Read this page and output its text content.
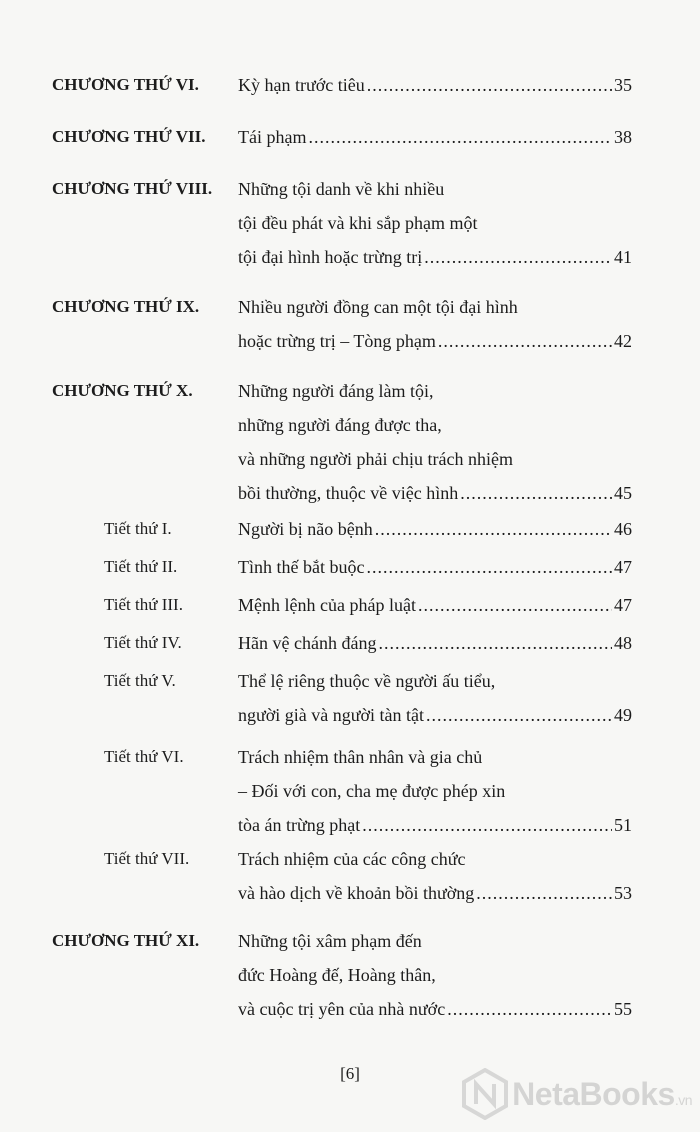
CHƯƠNG THỨ VI. Kỳ hạn trước tiêu .....	35
CHƯƠNG THỨ VII. Tái phạm .....	38
CHƯƠNG THỨ VIII. Những tội danh về khi nhiều
tội đều phát và khi sắp phạm một
tội đại hình hoặc trừng trị .....	41
CHƯƠNG THỨ IX. Nhiều người đồng can một tội đại hình
hoặc trừng trị – Tòng phạm .....	42
CHƯƠNG THỨ X.	Những người đáng làm tội,
những người đáng được tha,
và những người phải chịu trách nhiệm
bồi thường, thuộc về việc hình .....	45
Tiết thứ I.	Người bị não bệnh .....	46
Tiết thứ II.	Tình thế bắt buộc .....	47
Tiết thứ III.	Mệnh lệnh của pháp luật .....	47
Tiết thứ IV.	Hãn vệ chánh đáng .....	48
Tiết thứ V.	Thể lệ riêng thuộc về người ấu tiểu,
người già và người tàn tật .....	49
Tiết thứ VI.	Trách nhiệm thân nhân và gia chủ
– Đối với con, cha mẹ được phép xin
tòa án trừng phạt .....	51
Tiết thứ VII.	Trách nhiệm của các công chức
và hào dịch về khoản bồi thường .....	53
CHƯƠNG THỨ XI. Những tội xâm phạm đến
đức Hoàng đế, Hoàng thân,
và cuộc trị yên của nhà nước .....	55
[6]
NetaBooks.vn
